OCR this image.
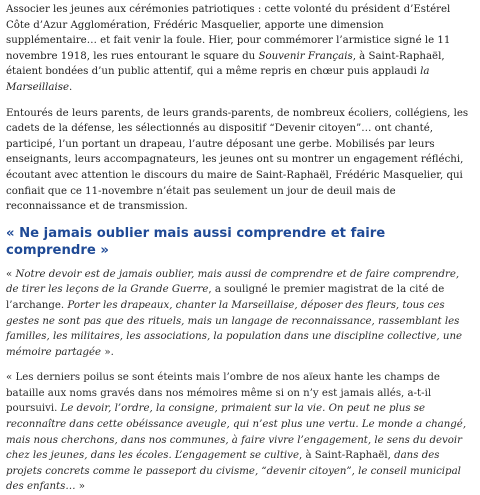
Associer les jeunes aux cérémonies patriotiques : cette volonté du président d’Estérel Côte d’Azur Agglomération, Frédéric Masquelier, apporte une dimension supplémentaire… et fait venir la foule. Hier, pour commémorer l’armistice signé le 11 novembre 1918, les rues entourant le square du Souvenir Français, à Saint-Raphaël, étaient bondées d’un public attentif, qui a même repris en chœur puis applaudi la Marseillaise.

Entourés de leurs parents, de leurs grands-parents, de nombreux écoliers, collégiens, les cadets de la défense, les sélectionnés au dispositif “Devenir citoyen”… ont chanté, participé, l’un portant un drapeau, l’autre déposant une gerbe. Mobilisés par leurs enseignants, leurs accompagnateurs, les jeunes ont su montrer un engagement réfléchi, écoutant avec attention le discours du maire de Saint-Raphaël, Frédéric Masquelier, qui confiait que ce 11-novembre n’était pas seulement un jour de deuil mais de reconnaissance et de transmission.

« Ne jamais oublier mais aussi comprendre et faire comprendre »

« Notre devoir est de jamais oublier, mais aussi de comprendre et de faire comprendre, de tirer les leçons de la Grande Guerre, a souligné le premier magistrat de la cité de l’archange. Porter les drapeaux, chanter la Marseillaise, déposer des fleurs, tous ces gestes ne sont pas que des rituels, mais un langage de reconnaissance, rassemblant les familles, les militaires, les associations, la population dans une discipline collective, une mémoire partagée ».

« Les derniers poilus se sont éteints mais l’ombre de nos aïeux hante les champs de bataille aux noms gravés dans nos mémoires même si on n’y est jamais allés, a-t-il poursuivi. Le devoir, l’ordre, la consigne, primaient sur la vie. On peut ne plus se reconnaître dans cette obéissance aveugle, qui n’est plus une vertu. Le monde a changé, mais nous cherchons, dans nos communes, à faire vivre l’engagement, le sens du devoir chez les jeunes, dans les écoles. L’engagement se cultive, à Saint-Raphaël, dans des projets concrets comme le passeport du civisme, “devenir citoyen”, le conseil municipal des enfants… »
